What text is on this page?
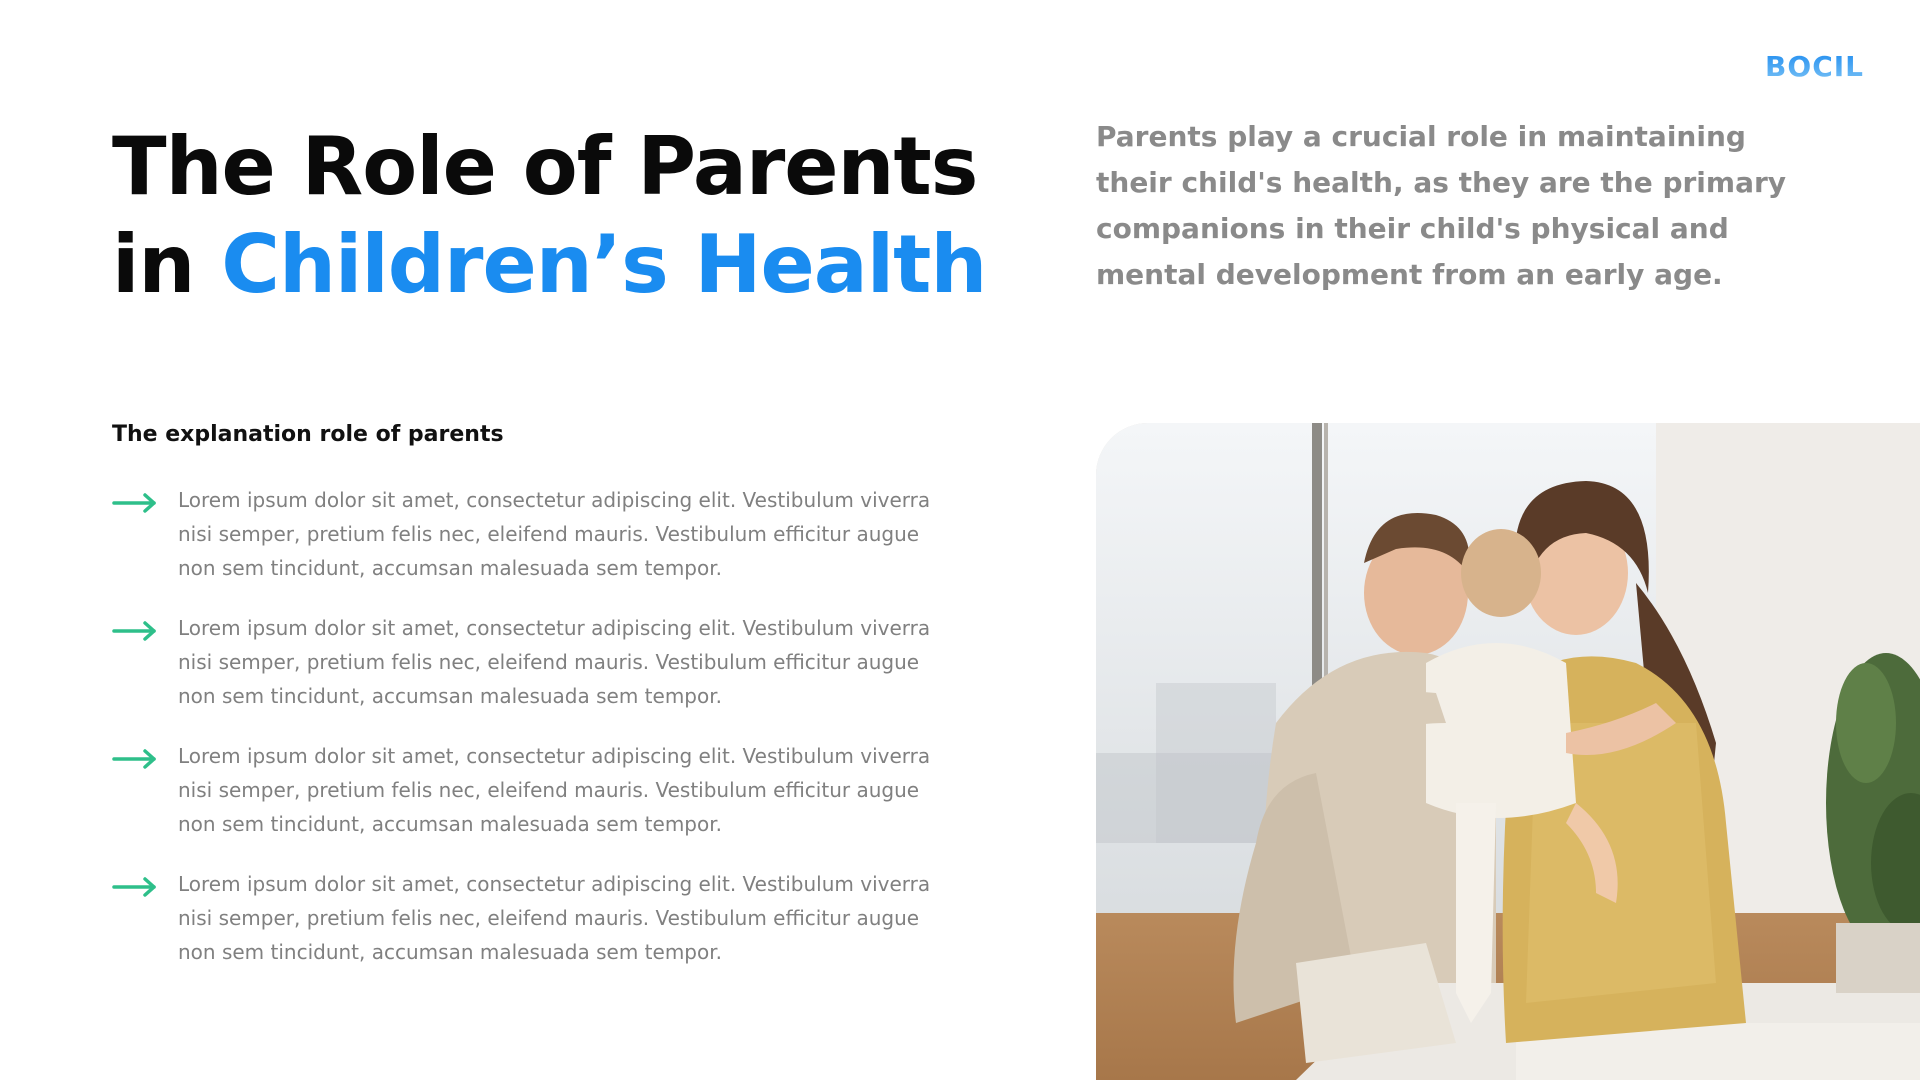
BOCIL
The Role of Parents
in Children’s Health

Parents play a crucial role in maintaining their child's health, as they are the primary companions in their child's physical and mental development from an early age.

The explanation role of parents
Lorem ipsum dolor sit amet, consectetur adipiscing elit. Vestibulum viverra nisi semper, pretium felis nec, eleifend mauris. Vestibulum efficitur augue non sem tincidunt, accumsan malesuada sem tempor.
Lorem ipsum dolor sit amet, consectetur adipiscing elit. Vestibulum viverra nisi semper, pretium felis nec, eleifend mauris. Vestibulum efficitur augue non sem tincidunt, accumsan malesuada sem tempor.
Lorem ipsum dolor sit amet, consectetur adipiscing elit. Vestibulum viverra nisi semper, pretium felis nec, eleifend mauris. Vestibulum efficitur augue non sem tincidunt, accumsan malesuada sem tempor.
Lorem ipsum dolor sit amet, consectetur adipiscing elit. Vestibulum viverra nisi semper, pretium felis nec, eleifend mauris. Vestibulum efficitur augue non sem tincidunt, accumsan malesuada sem tempor.
